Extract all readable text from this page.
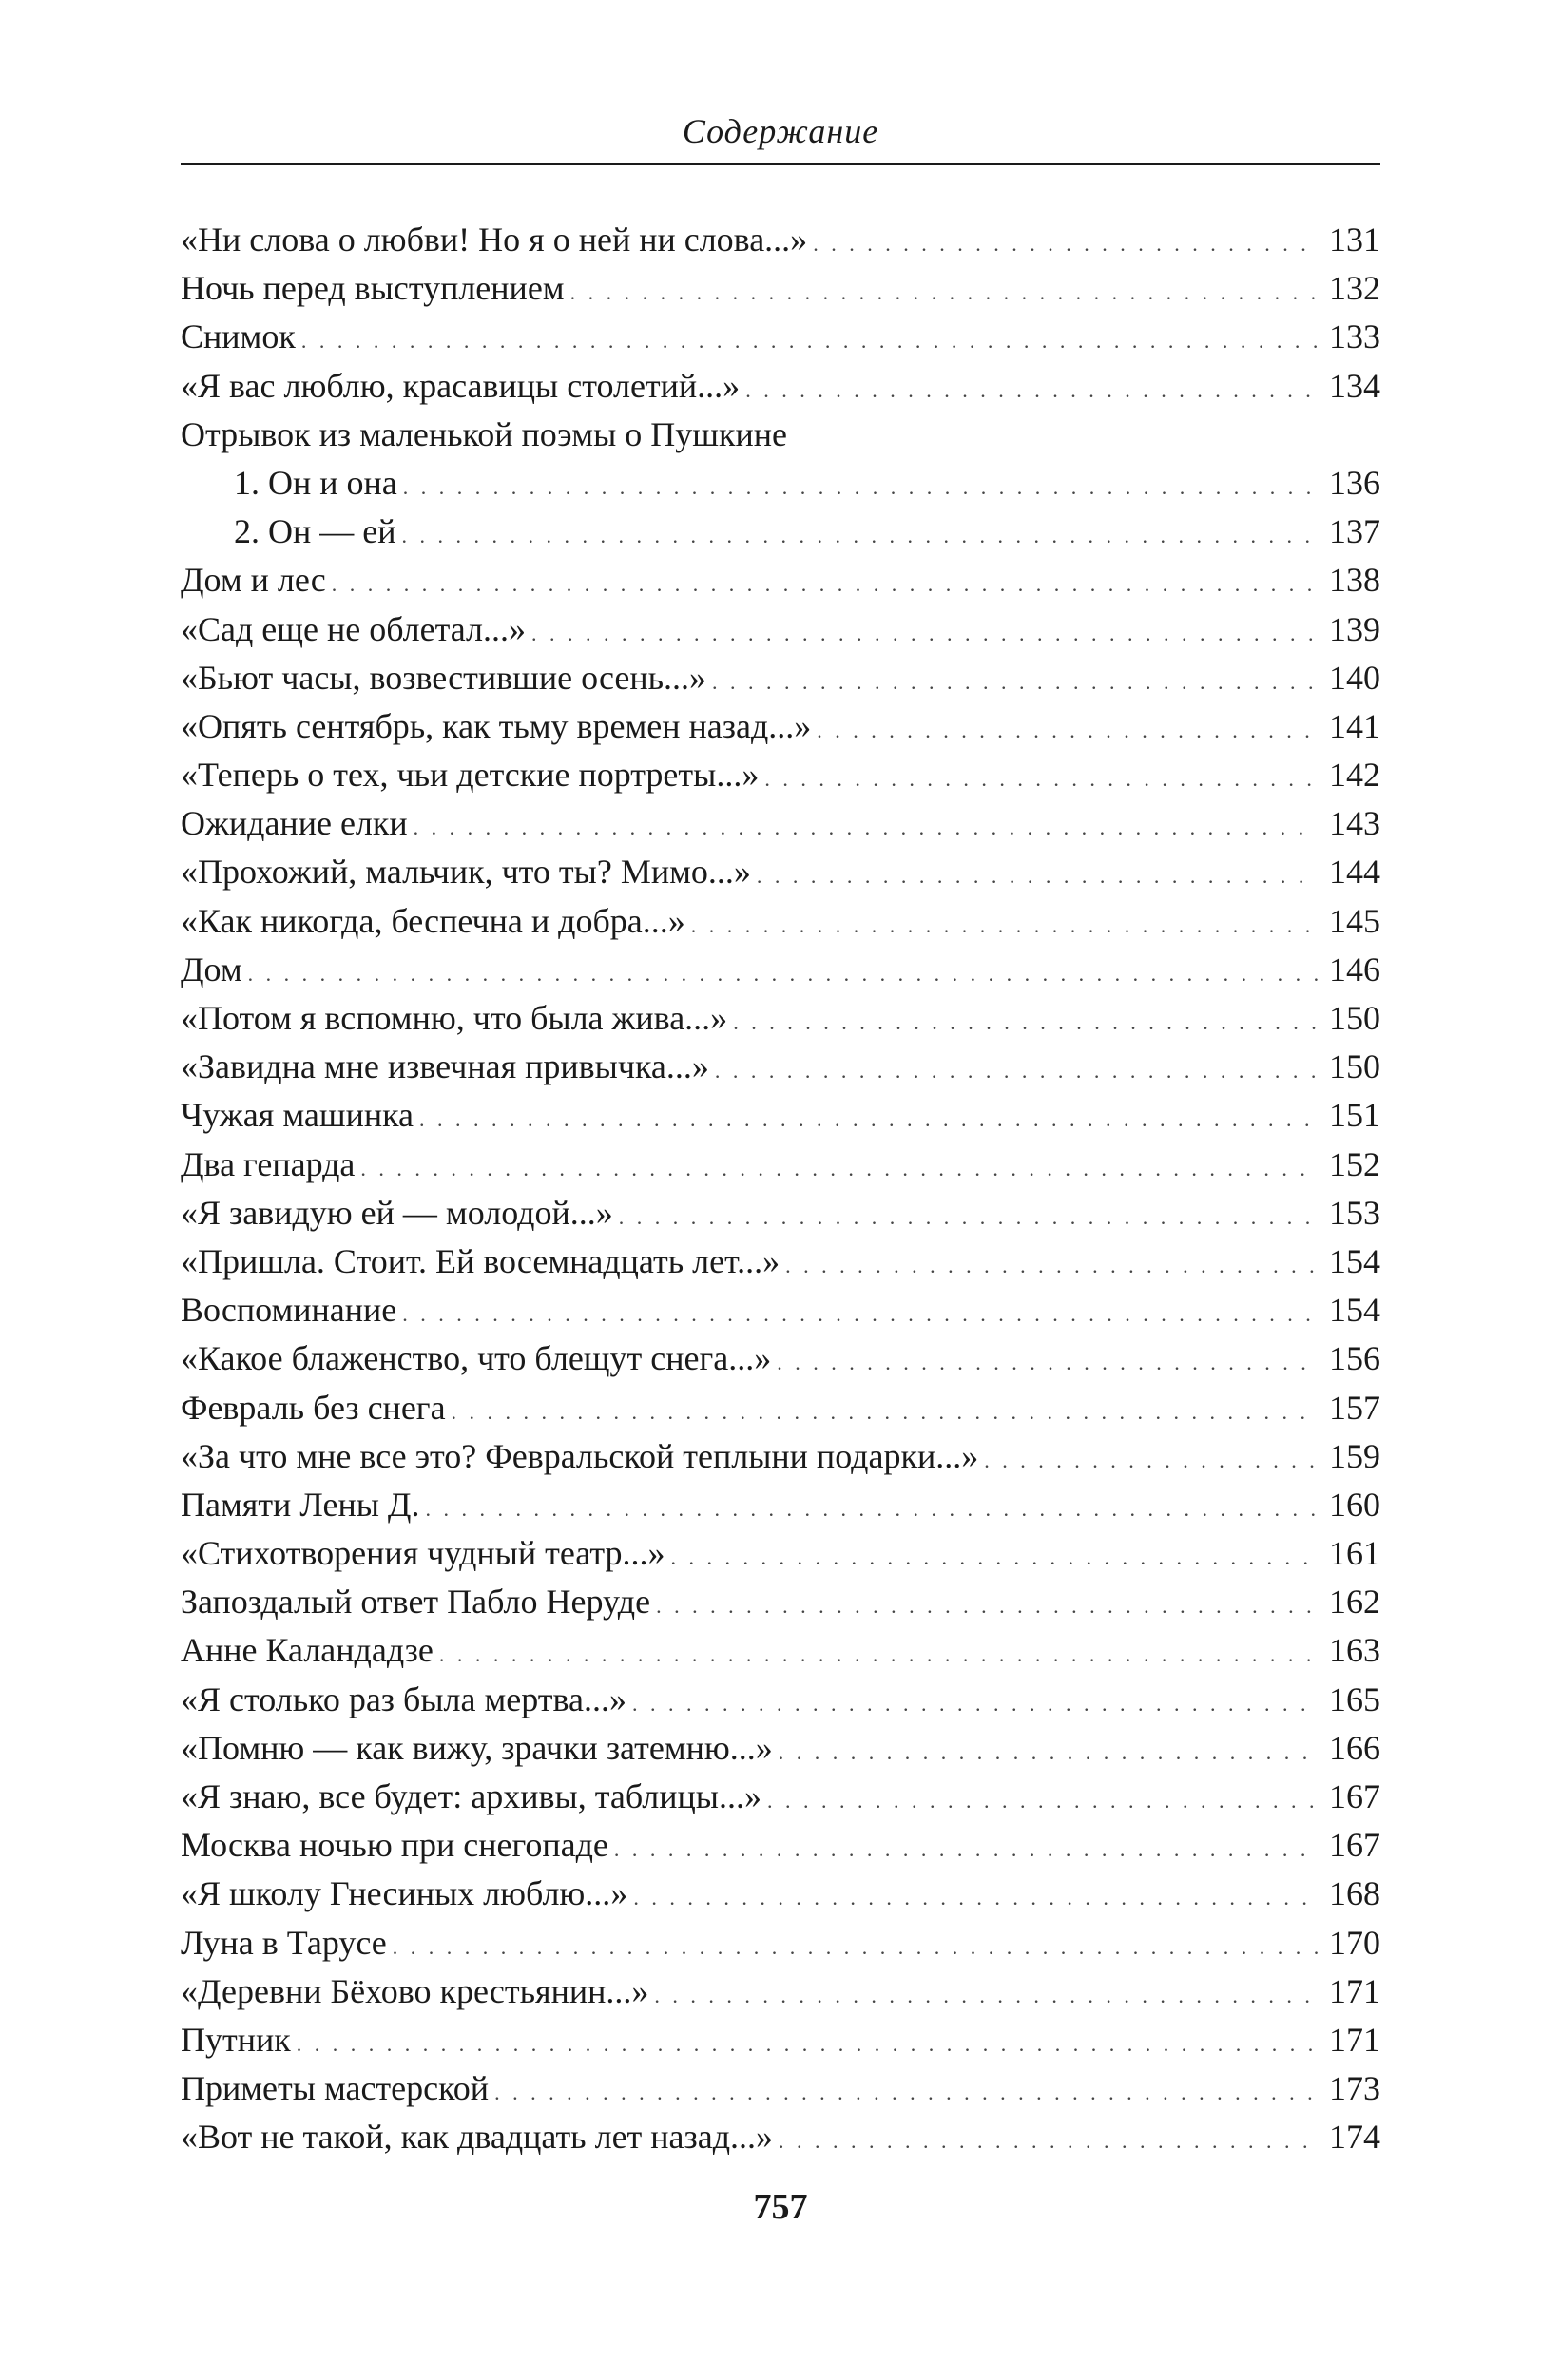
Содержание
«Ни слова о любви! Но я о ней ни слова...» . . .	131
Ночь перед выступлением . . .	132
Снимок . . .	133
«Я вас люблю, красавицы столетий...» . . .	134
Отрывок из маленькой поэмы о Пушкине
1. Он и она . . .	136
2. Он — ей . . .	137
Дом и лес . . .	138
«Сад еще не облетал...» . . .	139
«Бьют часы, возвестившие осень...» . . .	140
«Опять сентябрь, как тьму времен назад...» . . .	141
«Теперь о тех, чьи детские портреты...» . . .	142
Ожидание елки . . .	143
«Прохожий, мальчик, что ты? Мимо...» . . .	144
«Как никогда, беспечна и добра...» . . .	145
Дом . . .	146
«Потом я вспомню, что была жива...» . . .	150
«Завидна мне извечная привычка...» . . .	150
Чужая машинка . . .	151
Два гепарда . . .	152
«Я завидую ей — молодой...» . . .	153
«Пришла. Стоит. Ей восемнадцать лет...» . . .	154
Воспоминание . . .	154
«Какое блаженство, что блещут снега...» . . .	156
Февраль без снега . . .	157
«За что мне все это? Февральской теплыни подарки...» . . .	159
Памяти Лены Д. . . .	160
«Стихотворения чудный театр...» . . .	161
Запоздалый ответ Пабло Неруде . . .	162
Анне Каландадзе . . .	163
«Я столько раз была мертва...» . . .	165
«Помню — как вижу, зрачки затемню...» . . .	166
«Я знаю, все будет: архивы, таблицы...» . . .	167
Москва ночью при снегопаде . . .	167
«Я школу Гнесиных люблю...» . . .	168
Луна в Тарусе . . .	170
«Деревни Бёхово крестьянин...» . . .	171
Путник . . .	171
Приметы мастерской . . .	173
«Вот не такой, как двадцать лет назад...» . . .	174
757
